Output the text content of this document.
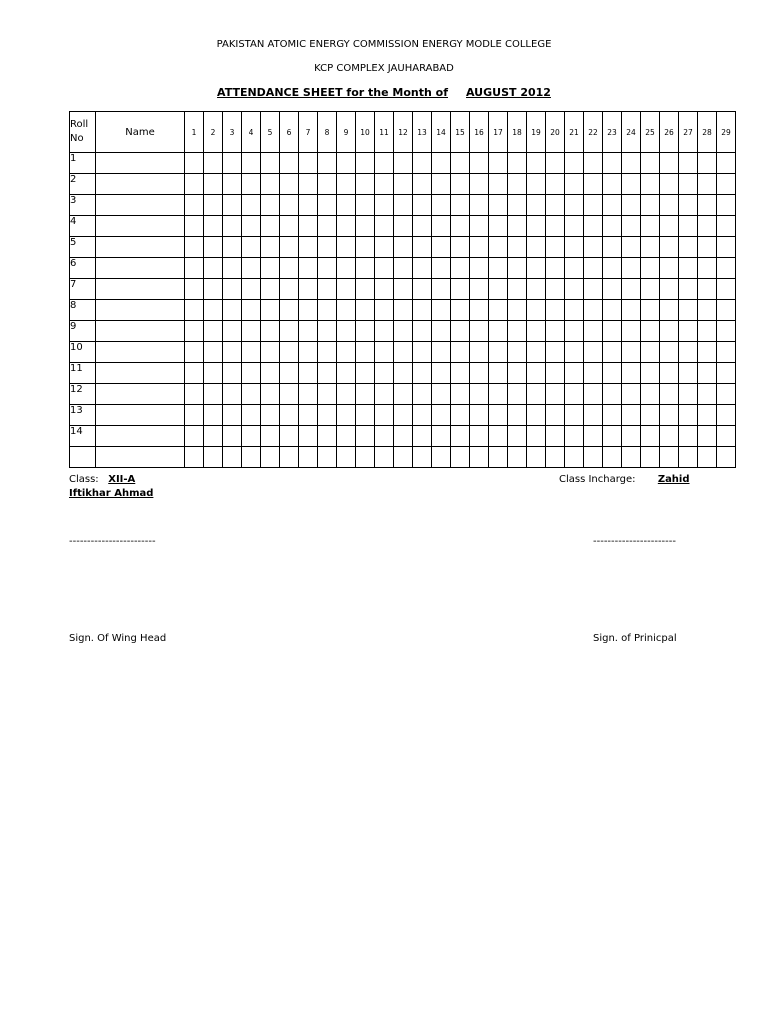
PAKISTAN ATOMIC ENERGY COMMISSION ENERGY MODLE COLLEGE
KCP COMPLEX JAUHARABAD
ATTENDANCE SHEET for the Month of AUGUST 2012
Roll No	Name	1	2	3	4	5	6	7	8	9	10	11	12	13	14	15	16	17	18	19	20	21	22	23	24	25	26	27	28	29
1																														
2																														
3																														
4																														
5																														
6																														
7																														
8																														
9																														
10																														
11																														
12																														
13																														
14																														

Class: XII-A	Class Incharge: Zahid
Iftikhar Ahmad
------------------------	-----------------------
Sign. Of Wing Head	Sign. of Prinicpal
